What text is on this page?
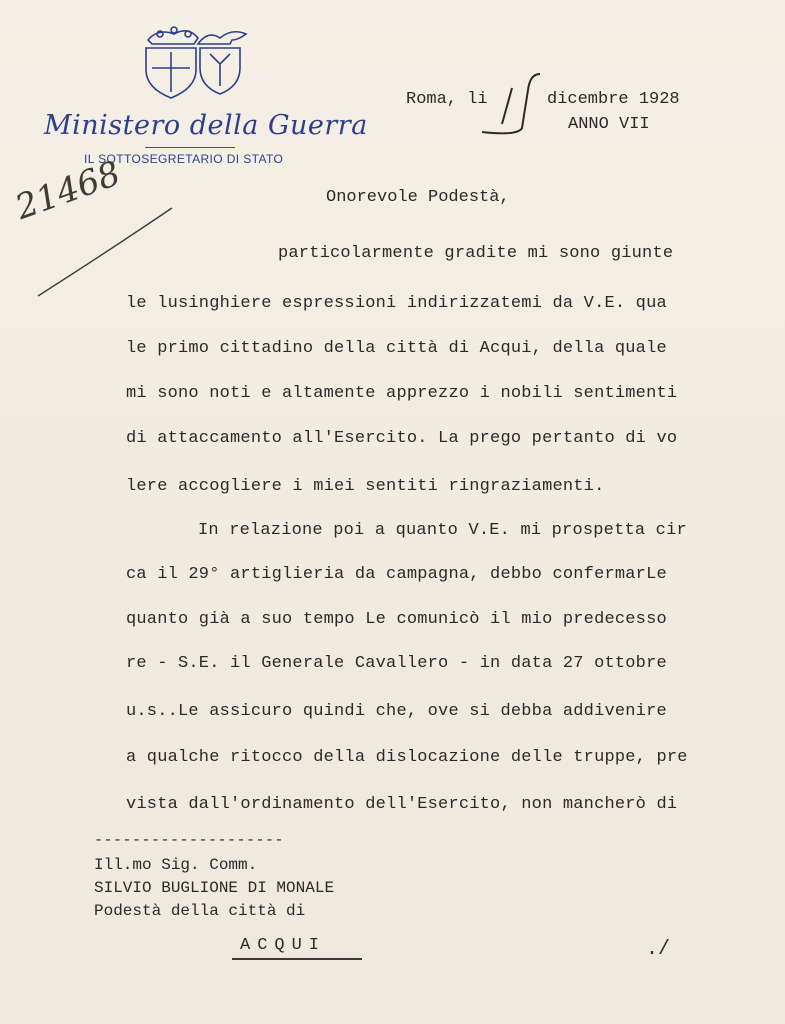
Ministero della Guerra
IL SOTTOSEGRETARIO DI STATO
21468
Roma, li
15
dicembre 1928
ANNO VII
Onorevole Podestà,
particolarmente gradite mi sono giunte
le lusinghiere espressioni indirizzatemi da V.E. qua
le primo cittadino della città di Acqui, della quale
mi sono noti e altamente apprezzo i nobili sentimenti
di attaccamento all'Esercito. La prego pertanto di vo
lere accogliere i miei sentiti ringraziamenti.
In relazione poi a quanto V.E. mi prospetta cir
ca il 29° artiglieria da campagna, debbo confermarLe
quanto già a suo tempo Le comunicò il mio predecesso
re - S.E. il Generale Cavallero - in data 27 ottobre
u.s..Le assicuro quindi che, ove si debba addivenire
a qualche ritocco della dislocazione delle truppe, pre
vista dall'ordinamento dell'Esercito, non mancherò di
--------------------
Ill.mo Sig. Comm.
SILVIO BUGLIONE DI MONALE
Podestà della città di
ACQUI	./
